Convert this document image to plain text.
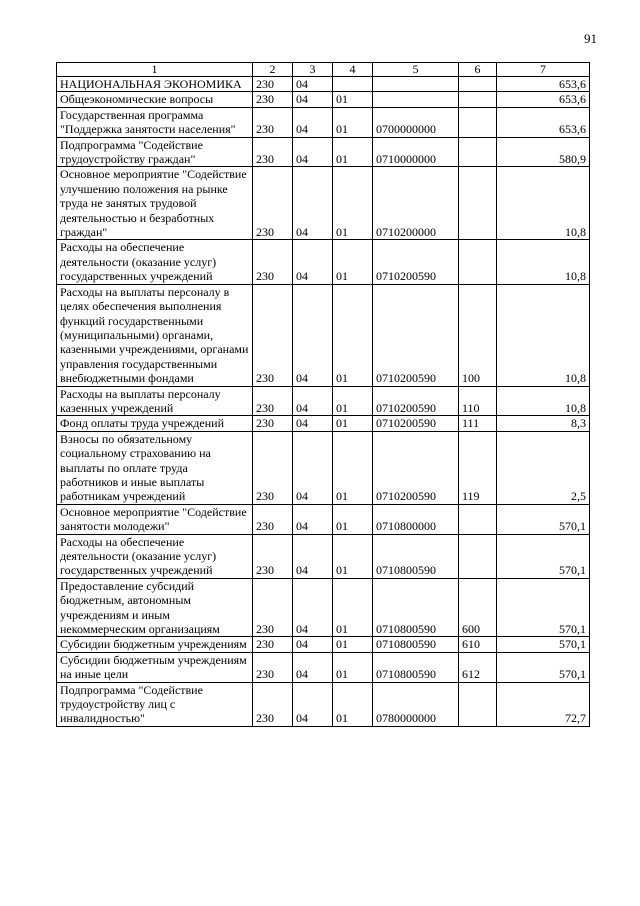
91
1	2	3	4	5	6	7
НАЦИОНАЛЬНАЯ ЭКОНОМИКА	230	04				653,6
Общеэкономические вопросы	230	04	01			653,6
Государственная программа "Поддержка занятости населения"	230	04	01	0700000000		653,6
Подпрограмма "Содействие трудоустройству граждан"	230	04	01	0710000000		580,9
Основное мероприятие "Содействие улучшению положения на рынке труда не занятых трудовой деятельностью и безработных граждан"	230	04	01	0710200000		10,8
Расходы на обеспечение деятельности (оказание услуг) государственных учреждений	230	04	01	0710200590		10,8
Расходы на выплаты персоналу в целях обеспечения выполнения функций государственными (муниципальными) органами, казенными учреждениями, органами управления государственными внебюджетными фондами	230	04	01	0710200590	100	10,8
Расходы на выплаты персоналу казенных учреждений	230	04	01	0710200590	110	10,8
Фонд оплаты труда учреждений	230	04	01	0710200590	111	8,3
Взносы по обязательному социальному страхованию на выплаты по оплате труда работников и иные выплаты работникам учреждений	230	04	01	0710200590	119	2,5
Основное мероприятие "Содействие занятости молодежи"	230	04	01	0710800000		570,1
Расходы на обеспечение деятельности (оказание услуг) государственных учреждений	230	04	01	0710800590		570,1
Предоставление субсидий бюджетным, автономным учреждениям и иным некоммерческим организациям	230	04	01	0710800590	600	570,1
Субсидии бюджетным учреждениям	230	04	01	0710800590	610	570,1
Субсидии бюджетным учреждениям на иные цели	230	04	01	0710800590	612	570,1
Подпрограмма "Содействие трудоустройству лиц с инвалидностью"	230	04	01	0780000000		72,7
